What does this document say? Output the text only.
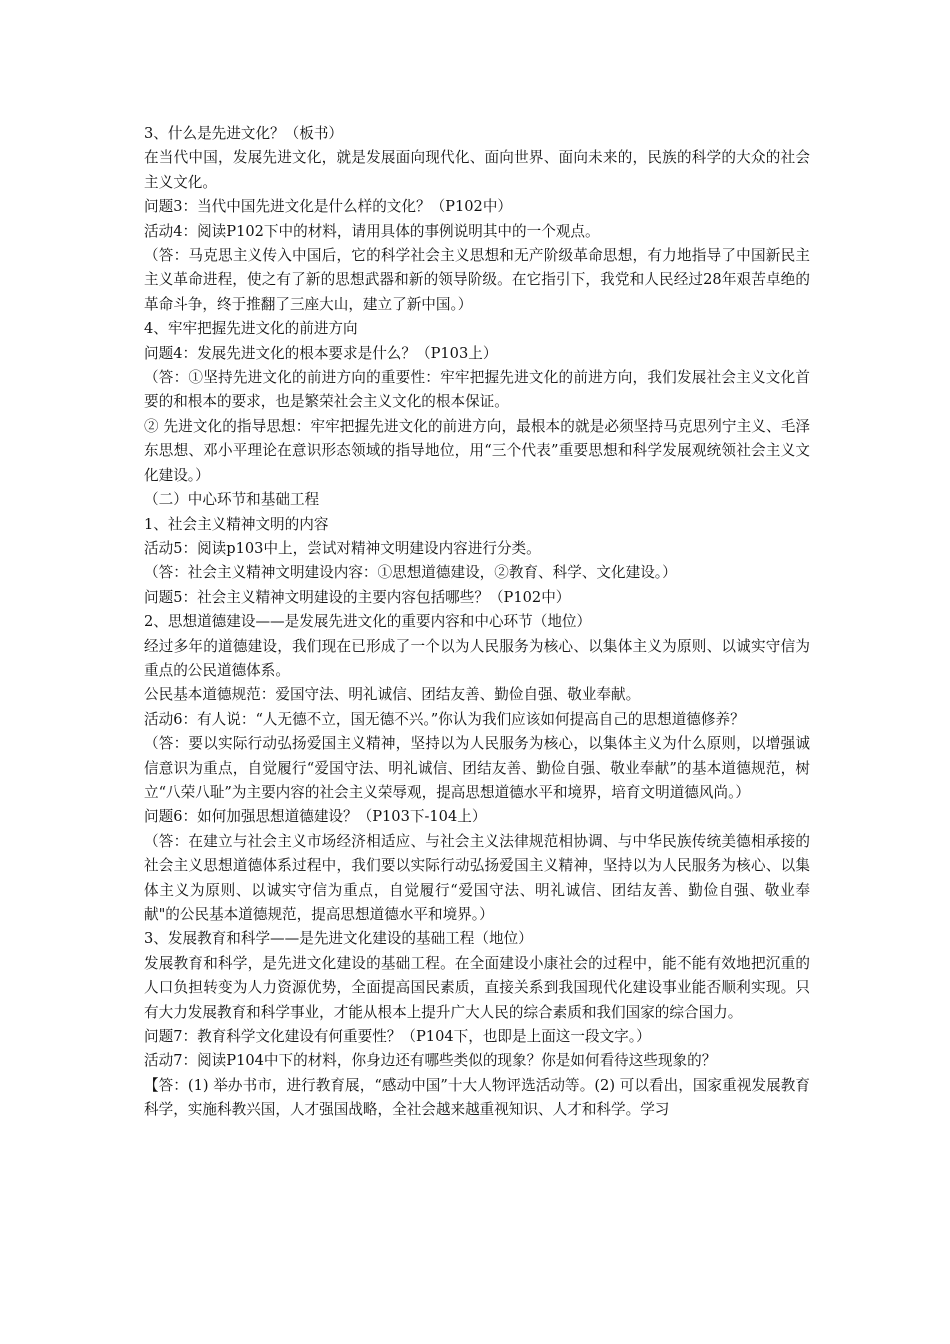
3、什么是先进文化？（板书）

在当代中国，发展先进文化，就是发展面向现代化、面向世界、面向未来的，民族的科学的大众的社会主义文化。

问题3：当代中国先进文化是什么样的文化？（P102中）

活动4：阅读P102下中的材料，请用具体的事例说明其中的一个观点。

（答：马克思主义传入中国后，它的科学社会主义思想和无产阶级革命思想，有力地指导了中国新民主主义革命进程，使之有了新的思想武器和新的领导阶级。在它指引下，我党和人民经过28年艰苦卓绝的革命斗争，终于推翻了三座大山，建立了新中国。）

4、牢牢把握先进文化的前进方向

问题4：发展先进文化的根本要求是什么？（P103上）

（答：①坚持先进文化的前进方向的重要性：牢牢把握先进文化的前进方向，我们发展社会主义文化首要的和根本的要求，也是繁荣社会主义文化的根本保证。

② 先进文化的指导思想：牢牢把握先进文化的前进方向，最根本的就是必须坚持马克思列宁主义、毛泽东思想、邓小平理论在意识形态领域的指导地位，用“三个代表”重要思想和科学发展观统领社会主义文化建设。）

（二）中心环节和基础工程

1、社会主义精神文明的内容

活动5：阅读p103中上，尝试对精神文明建设内容进行分类。

（答：社会主义精神文明建设内容：①思想道德建设，②教育、科学、文化建设。）

问题5：社会主义精神文明建设的主要内容包括哪些？（P102中）

2、思想道德建设——是发展先进文化的重要内容和中心环节（地位）

经过多年的道德建设，我们现在已形成了一个以为人民服务为核心、以集体主义为原则、以诚实守信为重点的公民道德体系。

公民基本道德规范：爱国守法、明礼诚信、团结友善、勤俭自强、敬业奉献。

活动6：有人说：“人无德不立，国无德不兴。”你认为我们应该如何提高自己的思想道德修养？

（答：要以实际行动弘扬爱国主义精神，坚持以为人民服务为核心，以集体主义为什么原则，以增强诚信意识为重点，自觉履行“爱国守法、明礼诚信、团结友善、勤俭自强、敬业奉献”的基本道德规范，树立“八荣八耻”为主要内容的社会主义荣辱观，提高思想道德水平和境界，培育文明道德风尚。）

问题6：如何加强思想道德建设？（P103下-104上）

（答：在建立与社会主义市场经济相适应、与社会主义法律规范相协调、与中华民族传统美德相承接的社会主义思想道德体系过程中，我们要以实际行动弘扬爱国主义精神，坚持以为人民服务为核心、以集体主义为原则、以诚实守信为重点，自觉履行“爱国守法、明礼诚信、团结友善、勤俭自强、敬业奉献"的公民基本道德规范，提高思想道德水平和境界。）

3、发展教育和科学——是先进文化建设的基础工程（地位）

发展教育和科学，是先进文化建设的基础工程。在全面建设小康社会的过程中，能不能有效地把沉重的人口负担转变为人力资源优势，全面提高国民素质，直接关系到我国现代化建设事业能否顺利实现。只有大力发展教育和科学事业，才能从根本上提升广大人民的综合素质和我们国家的综合国力。

问题7：教育科学文化建设有何重要性？（P104下，也即是上面这一段文字。）

活动7：阅读P104中下的材料，你身边还有哪些类似的现象？你是如何看待这些现象的？

【答：(1) 举办书市，进行教育展，“感动中国”十大人物评选活动等。(2) 可以看出，国家重视发展教育科学，实施科教兴国，人才强国战略，全社会越来越重视知识、人才和科学。学习
